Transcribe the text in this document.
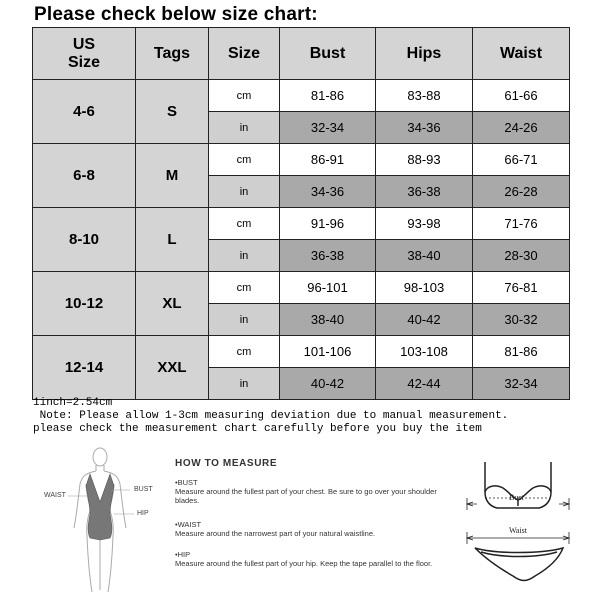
Please check below size chart:
US
Size	Tags	Size	Bust	Hips	Waist
4-6	S	cm	81-86	83-88	61-66
		in	32-34	34-36	24-26
6-8	M	cm	86-91	88-93	66-71
		in	34-36	36-38	26-28
8-10	L	cm	91-96	93-98	71-76
		in	36-38	38-40	28-30
10-12	XL	cm	96-101	98-103	76-81
		in	38-40	40-42	30-32
12-14	XXL	cm	101-106	103-108	81-86
		in	40-42	42-44	32-34
1inch=2.54cm
Note: Please allow 1-3cm measuring deviation due to manual measurement.
please check the measurement chart carefully before you buy the item
WAIST
BUST
HIP
HOW TO MEASURE
•BUST
Measure around the fullest part of your chest. Be sure to go over your shoulder blades.
•WAIST
Measure around the narrowest part of your natural waistline.
•HIP
Measure around the fullest part of your hip. Keep the tape parallel to the floor.
Bust
Waist
